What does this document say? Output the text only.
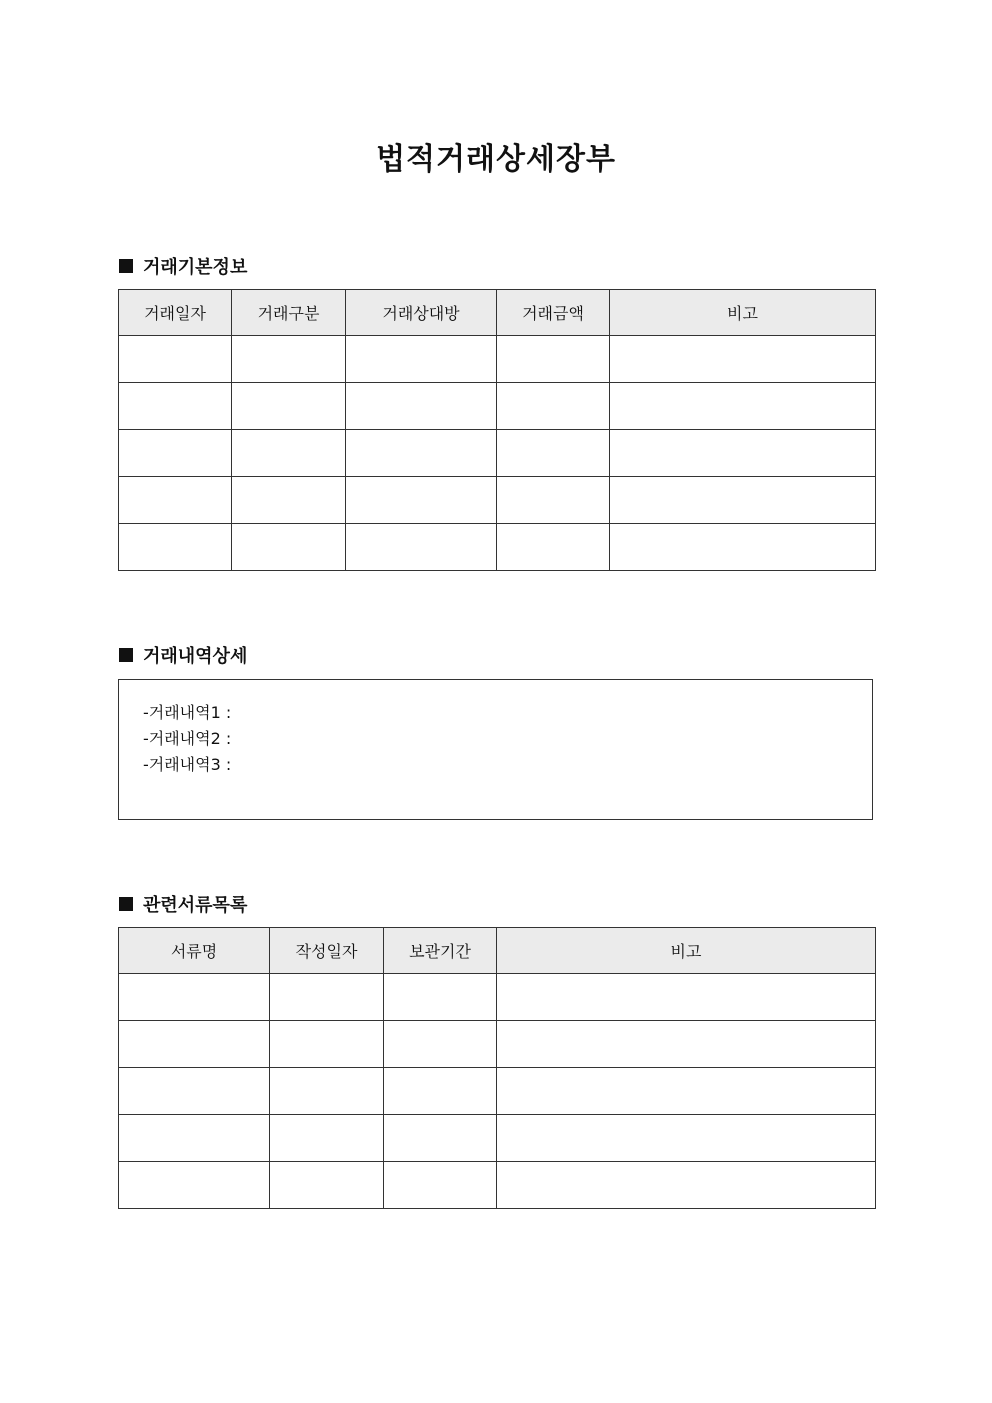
법적거래상세장부
거래기본정보
거래일자	거래구분	거래상대방	거래금액	비고

거래내역상세
-거래내역1 :
-거래내역2 :
-거래내역3 :
관련서류목록
서류명	작성일자	보관기간	비고
